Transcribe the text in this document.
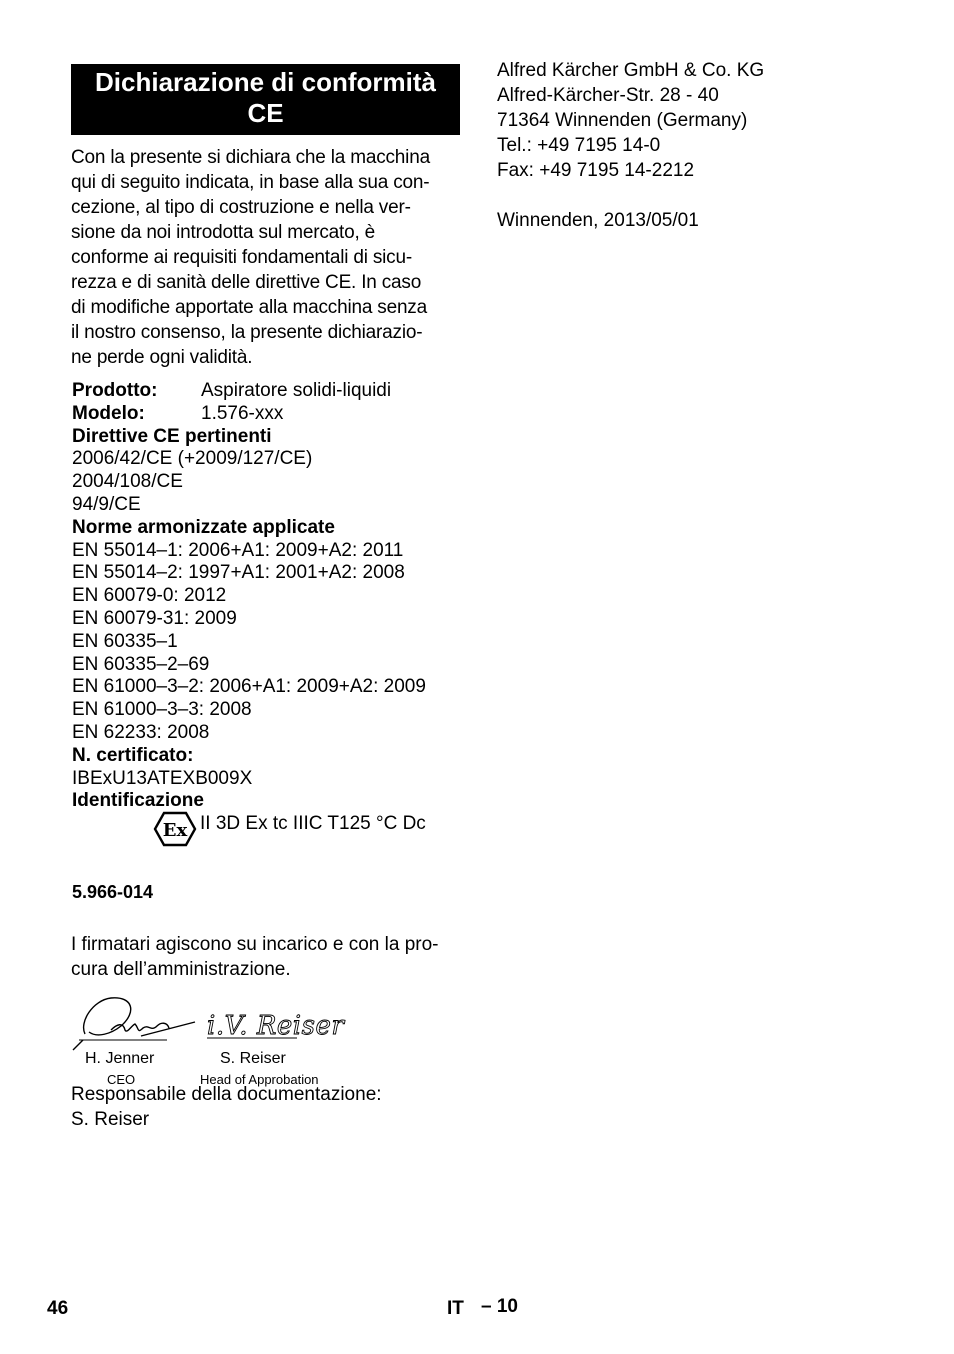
Dichiarazione di conformità
CE
Con la presente si dichiara che la macchina
qui di seguito indicata, in base alla sua con-
cezione, al tipo di costruzione e nella ver-
sione da noi introdotta sul mercato, è
conforme ai requisiti fondamentali di sicu-
rezza e di sanità delle direttive CE. In caso
di modifiche apportate alla macchina senza
il nostro consenso, la presente dichiarazio-
ne perde ogni validità.
Prodotto:	Aspiratore solidi-liquidi
Modelo:	1.576-xxx
Direttive CE pertinenti
2006/42/CE (+2009/127/CE)
2004/108/CE
94/9/CE
Norme armonizzate applicate
EN 55014–1: 2006+A1: 2009+A2: 2011
EN 55014–2: 1997+A1: 2001+A2: 2008
EN 60079-0: 2012
EN 60079-31: 2009
EN 60335–1
EN 60335–2–69
EN 61000–3–2: 2006+A1: 2009+A2: 2009
EN 61000–3–3: 2008
EN 62233: 2008
N. certificato:
IBExU13ATEXB009X
Identificazione
Ex II 3D Ex tc IIIC T125 °C Dc
5.966-014
I firmatari agiscono su incarico e con la pro-
cura dell’amministrazione.
i.V. Reiser
H. Jenner	S. Reiser
CEO	Head of Approbation
Responsabile della documentazione:
S. Reiser
Alfred Kärcher GmbH & Co. KG
Alfred-Kärcher-Str. 28 - 40
71364 Winnenden (Germany)
Tel.: +49 7195 14-0
Fax: +49 7195 14-2212
Winnenden, 2013/05/01
46	IT – 10
